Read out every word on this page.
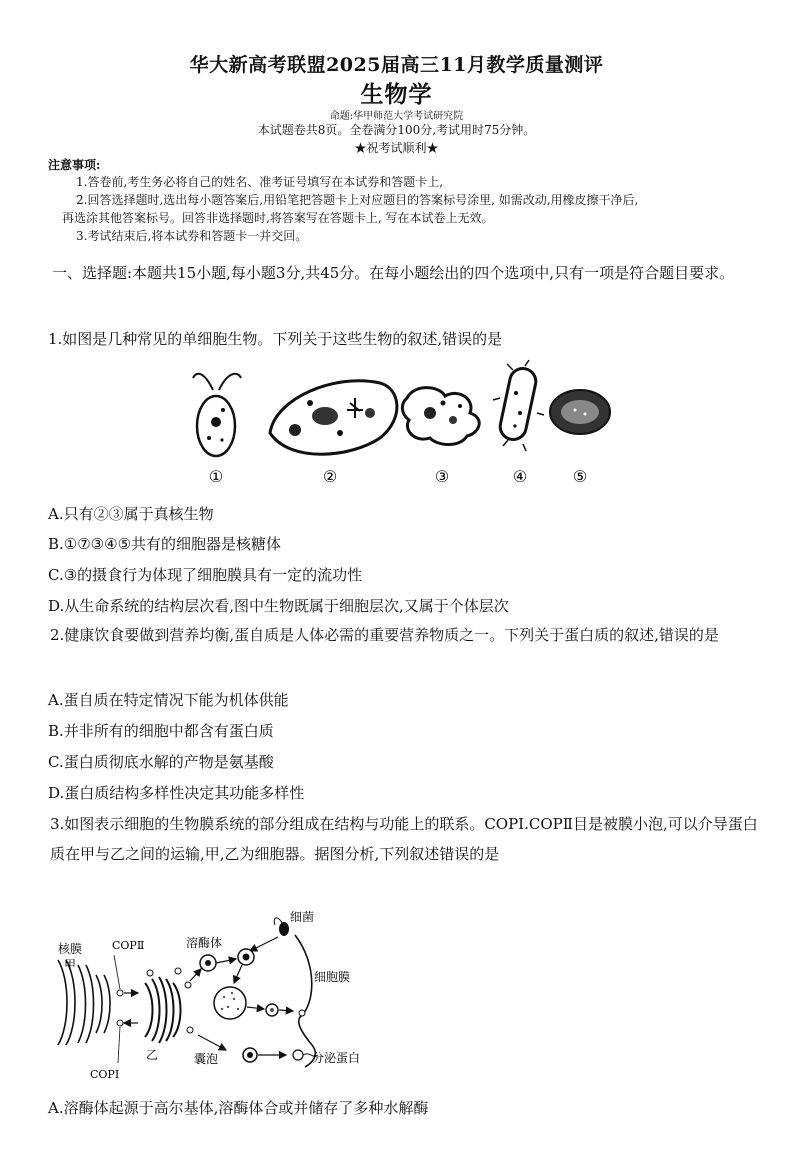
华大新高考联盟2025届高三11月教学质量测评
生物学
命题:华甲师范大学考试研究院
本试题卷共8页。全卷满分100分,考试用时75分钟。
★祝考试顺利★
注意事项:
1.答卷前,考生务必将自己的姓名、准考证号填写在本试券和答题卡上,
2.回答选择题时,选出每小题答案后,用铅笔把答题卡上对应题目的答案标号涂里, 如需改动,用橡皮擦干净后,
再选涂其他答案标号。回答非选择题时,将答案写在答题卡上, 写在本试卷上无效。
3.考试结束后,将本试券和答题卡一并交回。
一、选择题:本题共15小题,每小题3分,共45分。在每小题绘出的四个选项中,只有一项是符合题目要求。
1.如图是几种常见的单细胞生物。下列关于这些生物的叙述,错误的是
①	②	③	④	⑤
A.只有②③属于真核生物
B.①⑦③④⑤共有的细胞器是核糖体
C.③的摄食行为体现了细胞膜具有一定的流功性
D.从生命系统的结构层次看,图中生物既属于细胞层次,又属于个体层次
2.健康饮食要做到营养均衡,蛋自质是人体必需的重要营养物质之一。下列关于蛋白质的叙述,错误的是
A.蛋自质在特定情况下能为机体供能
B.并非所有的细胞中都含有蛋白质
C.蛋白质彻底水解的产物是氨基酸
D.蛋白质结构多样性决定其功能多样性
3.如图表示细胞的生物膜系统的部分组成在结构与功能上的联系。COPI.COPⅡ目是被膜小泡,可以介导蛋白质在甲与乙之间的运输,甲,乙为细胞器。据图分析,下列叙述错误的是
核膜
甲
COPⅡ
COPⅠ
乙
溶酶体
细菌
细胞膜
囊泡	分泌蛋白
A.溶酶体起源于高尔基体,溶酶体合或并储存了多种水解酶
